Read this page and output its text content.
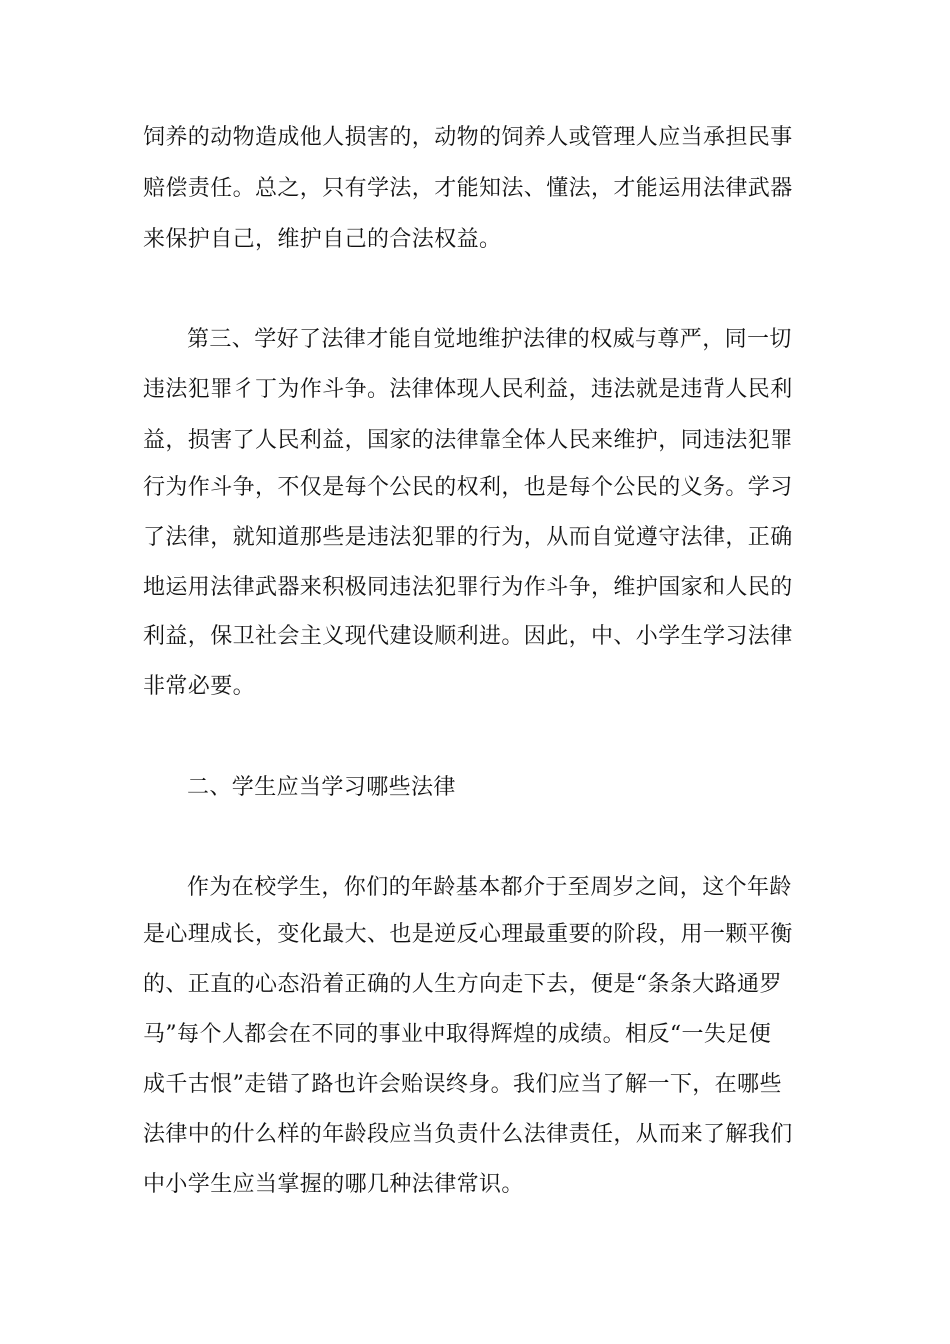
饲养的动物造成他人损害的，动物的饲养人或管理人应当承担民事
赔偿责任。总之，只有学法，才能知法、懂法，才能运用法律武器
来保护自己，维护自己的合法权益。
第三、学好了法律才能自觉地维护法律的权威与尊严，同一切
违法犯罪彳丁为作斗争。法律体现人民利益，违法就是违背人民利
益，损害了人民利益，国家的法律靠全体人民来维护，同违法犯罪
行为作斗争，不仅是每个公民的权利，也是每个公民的义务。学习
了法律，就知道那些是违法犯罪的行为，从而自觉遵守法律，正确
地运用法律武器来积极同违法犯罪行为作斗争，维护国家和人民的
利益，保卫社会主义现代建设顺利进。因此，中、小学生学习法律
非常必要。
二、学生应当学习哪些法律
作为在校学生，你们的年龄基本都介于至周岁之间，这个年龄
是心理成长，变化最大、也是逆反心理最重要的阶段，用一颗平衡
的、正直的心态沿着正确的人生方向走下去，便是“条条大路通罗
马”每个人都会在不同的事业中取得辉煌的成绩。相反“一失足便
成千古恨”走错了路也许会贻误终身。我们应当了解一下，在哪些
法律中的什么样的年龄段应当负责什么法律责任，从而来了解我们
中小学生应当掌握的哪几种法律常识。
